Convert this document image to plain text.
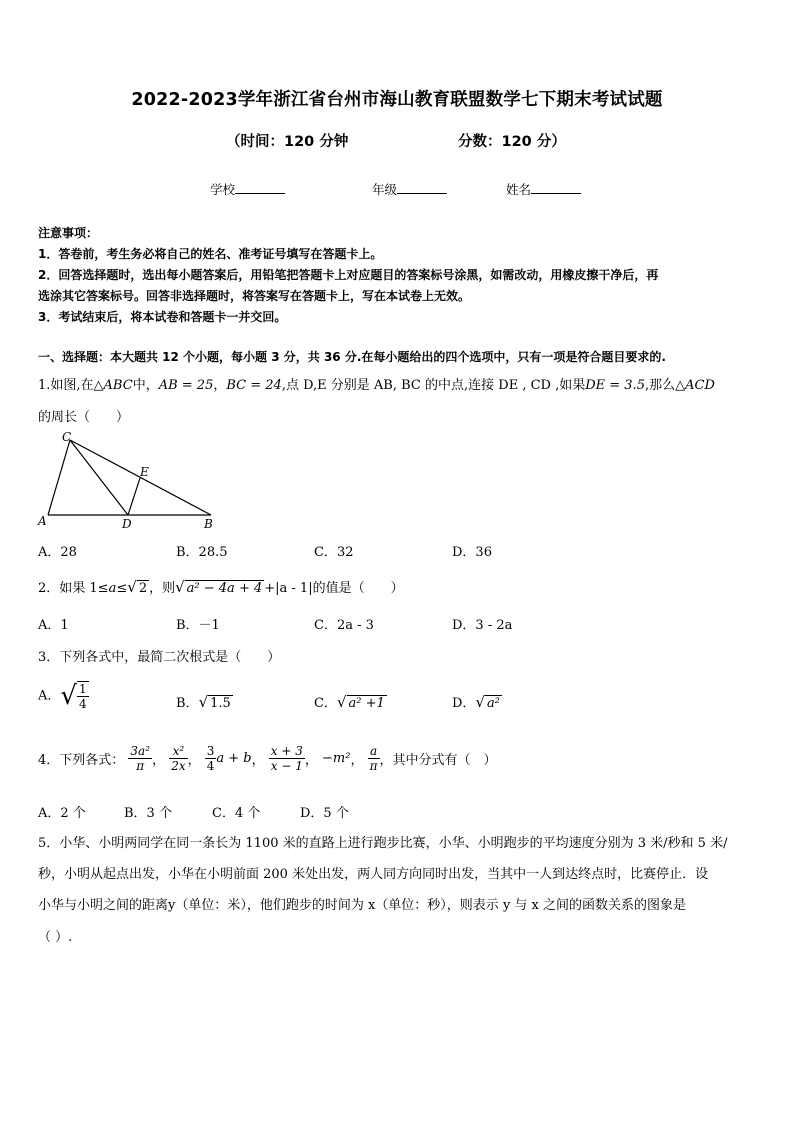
2022-2023学年浙江省台州市海山教育联盟数学七下期末考试试题
（时间：120 分钟	分数：120 分）
学校	年级	姓名
注意事项：
1．答卷前，考生务必将自己的姓名、准考证号填写在答题卡上。
2．回答选择题时，选出每小题答案后，用铅笔把答题卡上对应题目的答案标号涂黑，如需改动，用橡皮擦干净后，再
选涂其它答案标号。回答非选择题时，将答案写在答题卡上，写在本试卷上无效。
3．考试结束后，将本试卷和答题卡一并交回。
一、选择题：本大题共 12 个小题，每小题 3 分，共 36 分.在每小题给出的四个选项中，只有一项是符合题目要求的.
1.如图,在△ABC中，AB = 25，BC = 24,点 D,E 分别是 AB, BC 的中点,连接 DE , CD ,如果DE = 3.5,那么△ACD
的周长（　　）
C
E
A	D	B
A．28	B．28.5	C．32	D．36
2．如果 1≤a≤√ 2 ，则√ a² − 4a + 4 +|a - 1|的值是（　　）
A．1	B．－1	C．2a - 3	D．3 - 2a
3．下列各式中，最简二次根式是（　　）
A．√ $\frac{1}{4}$	B．√ 1.5	C．√ a² +1	D．√ a²
4．下列各式： $\frac{\text{3a²}}{\pi}$ ， $\frac{\text{x²}}{2x}$ ， $\frac{3}{4}$ a + b， $\frac{x + 3}{x - 1}$ ， −m²， $\frac{a}{\pi}$ ，其中分式有（　）
A．2 个	B．3 个	C．4 个	D．5 个
5．小华、小明两同学在同一条长为 1100 米的直路上进行跑步比赛，小华、小明跑步的平均速度分别为 3 米/秒和 5 米/
秒，小明从起点出发，小华在小明前面 200 米处出发，两人同方向同时出发，当其中一人到达终点时，比赛停止．设
小华与小明之间的距离y（单位：米），他们跑步的时间为 x（单位：秒），则表示 y 与 x 之间的函数关系的图象是
（ ）.
